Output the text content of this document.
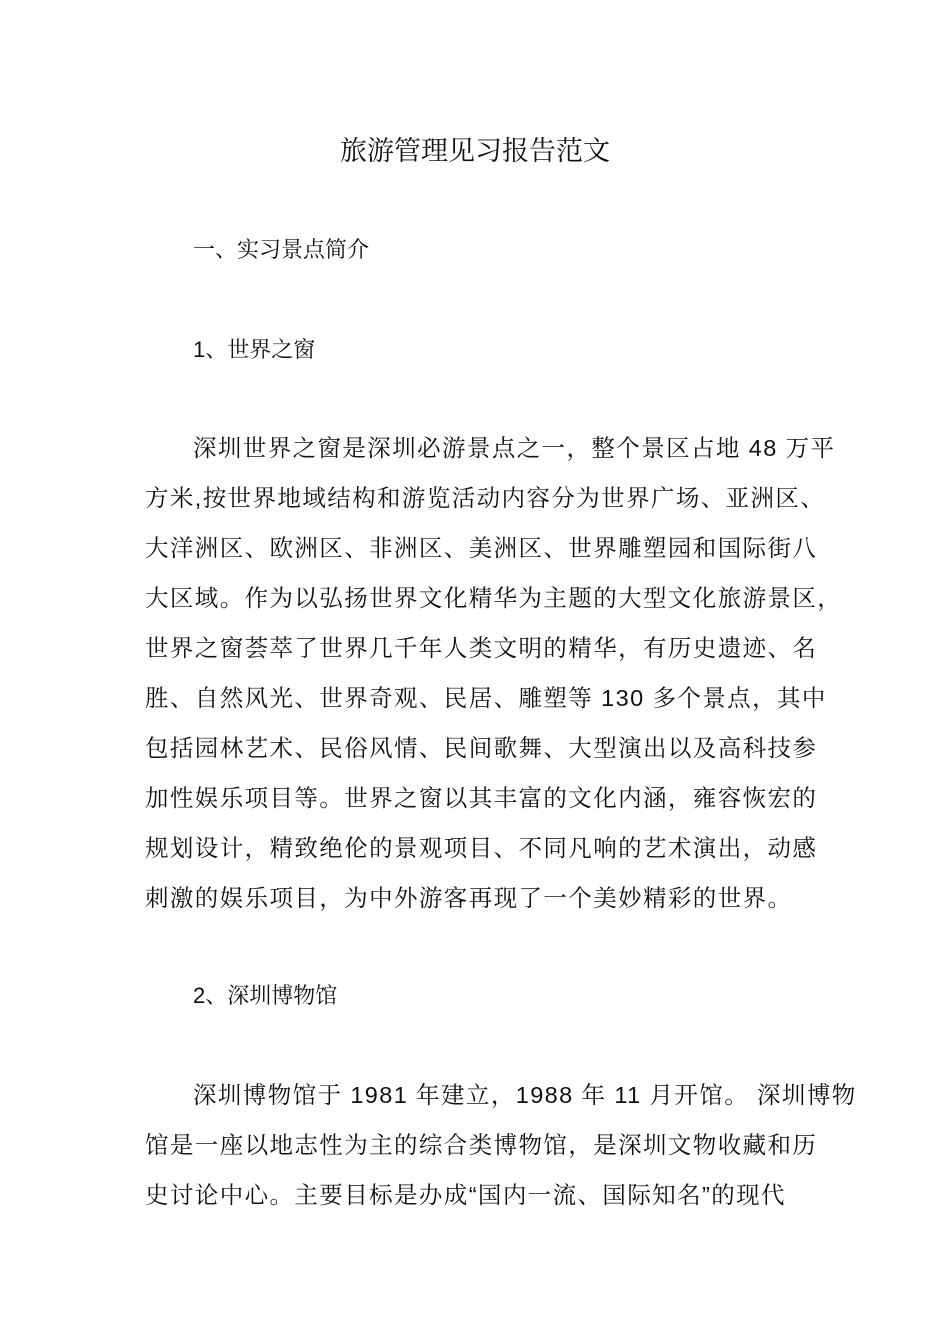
旅游管理见习报告范文
一、实习景点简介
1、世界之窗
深圳世界之窗是深圳必游景点之一，整个景区占地 48 万平
方米,按世界地域结构和游览活动内容分为世界广场、亚洲区、
大洋洲区、欧洲区、非洲区、美洲区、世界雕塑园和国际街八
大区域。作为以弘扬世界文化精华为主题的大型文化旅游景区，
世界之窗荟萃了世界几千年人类文明的精华，有历史遗迹、名
胜、自然风光、世界奇观、民居、雕塑等 130 多个景点，其中
包括园林艺术、民俗风情、民间歌舞、大型演出以及高科技参
加性娱乐项目等。世界之窗以其丰富的文化内涵，雍容恢宏的
规划设计，精致绝伦的景观项目、不同凡响的艺术演出，动感
刺激的娱乐项目，为中外游客再现了一个美妙精彩的世界。
2、深圳博物馆
深圳博物馆于 1981 年建立，1988 年 11 月开馆。 深圳博物
馆是一座以地志性为主的综合类博物馆，是深圳文物收藏和历
史讨论中心。主要目标是办成“国内一流、国际知名”的现代
